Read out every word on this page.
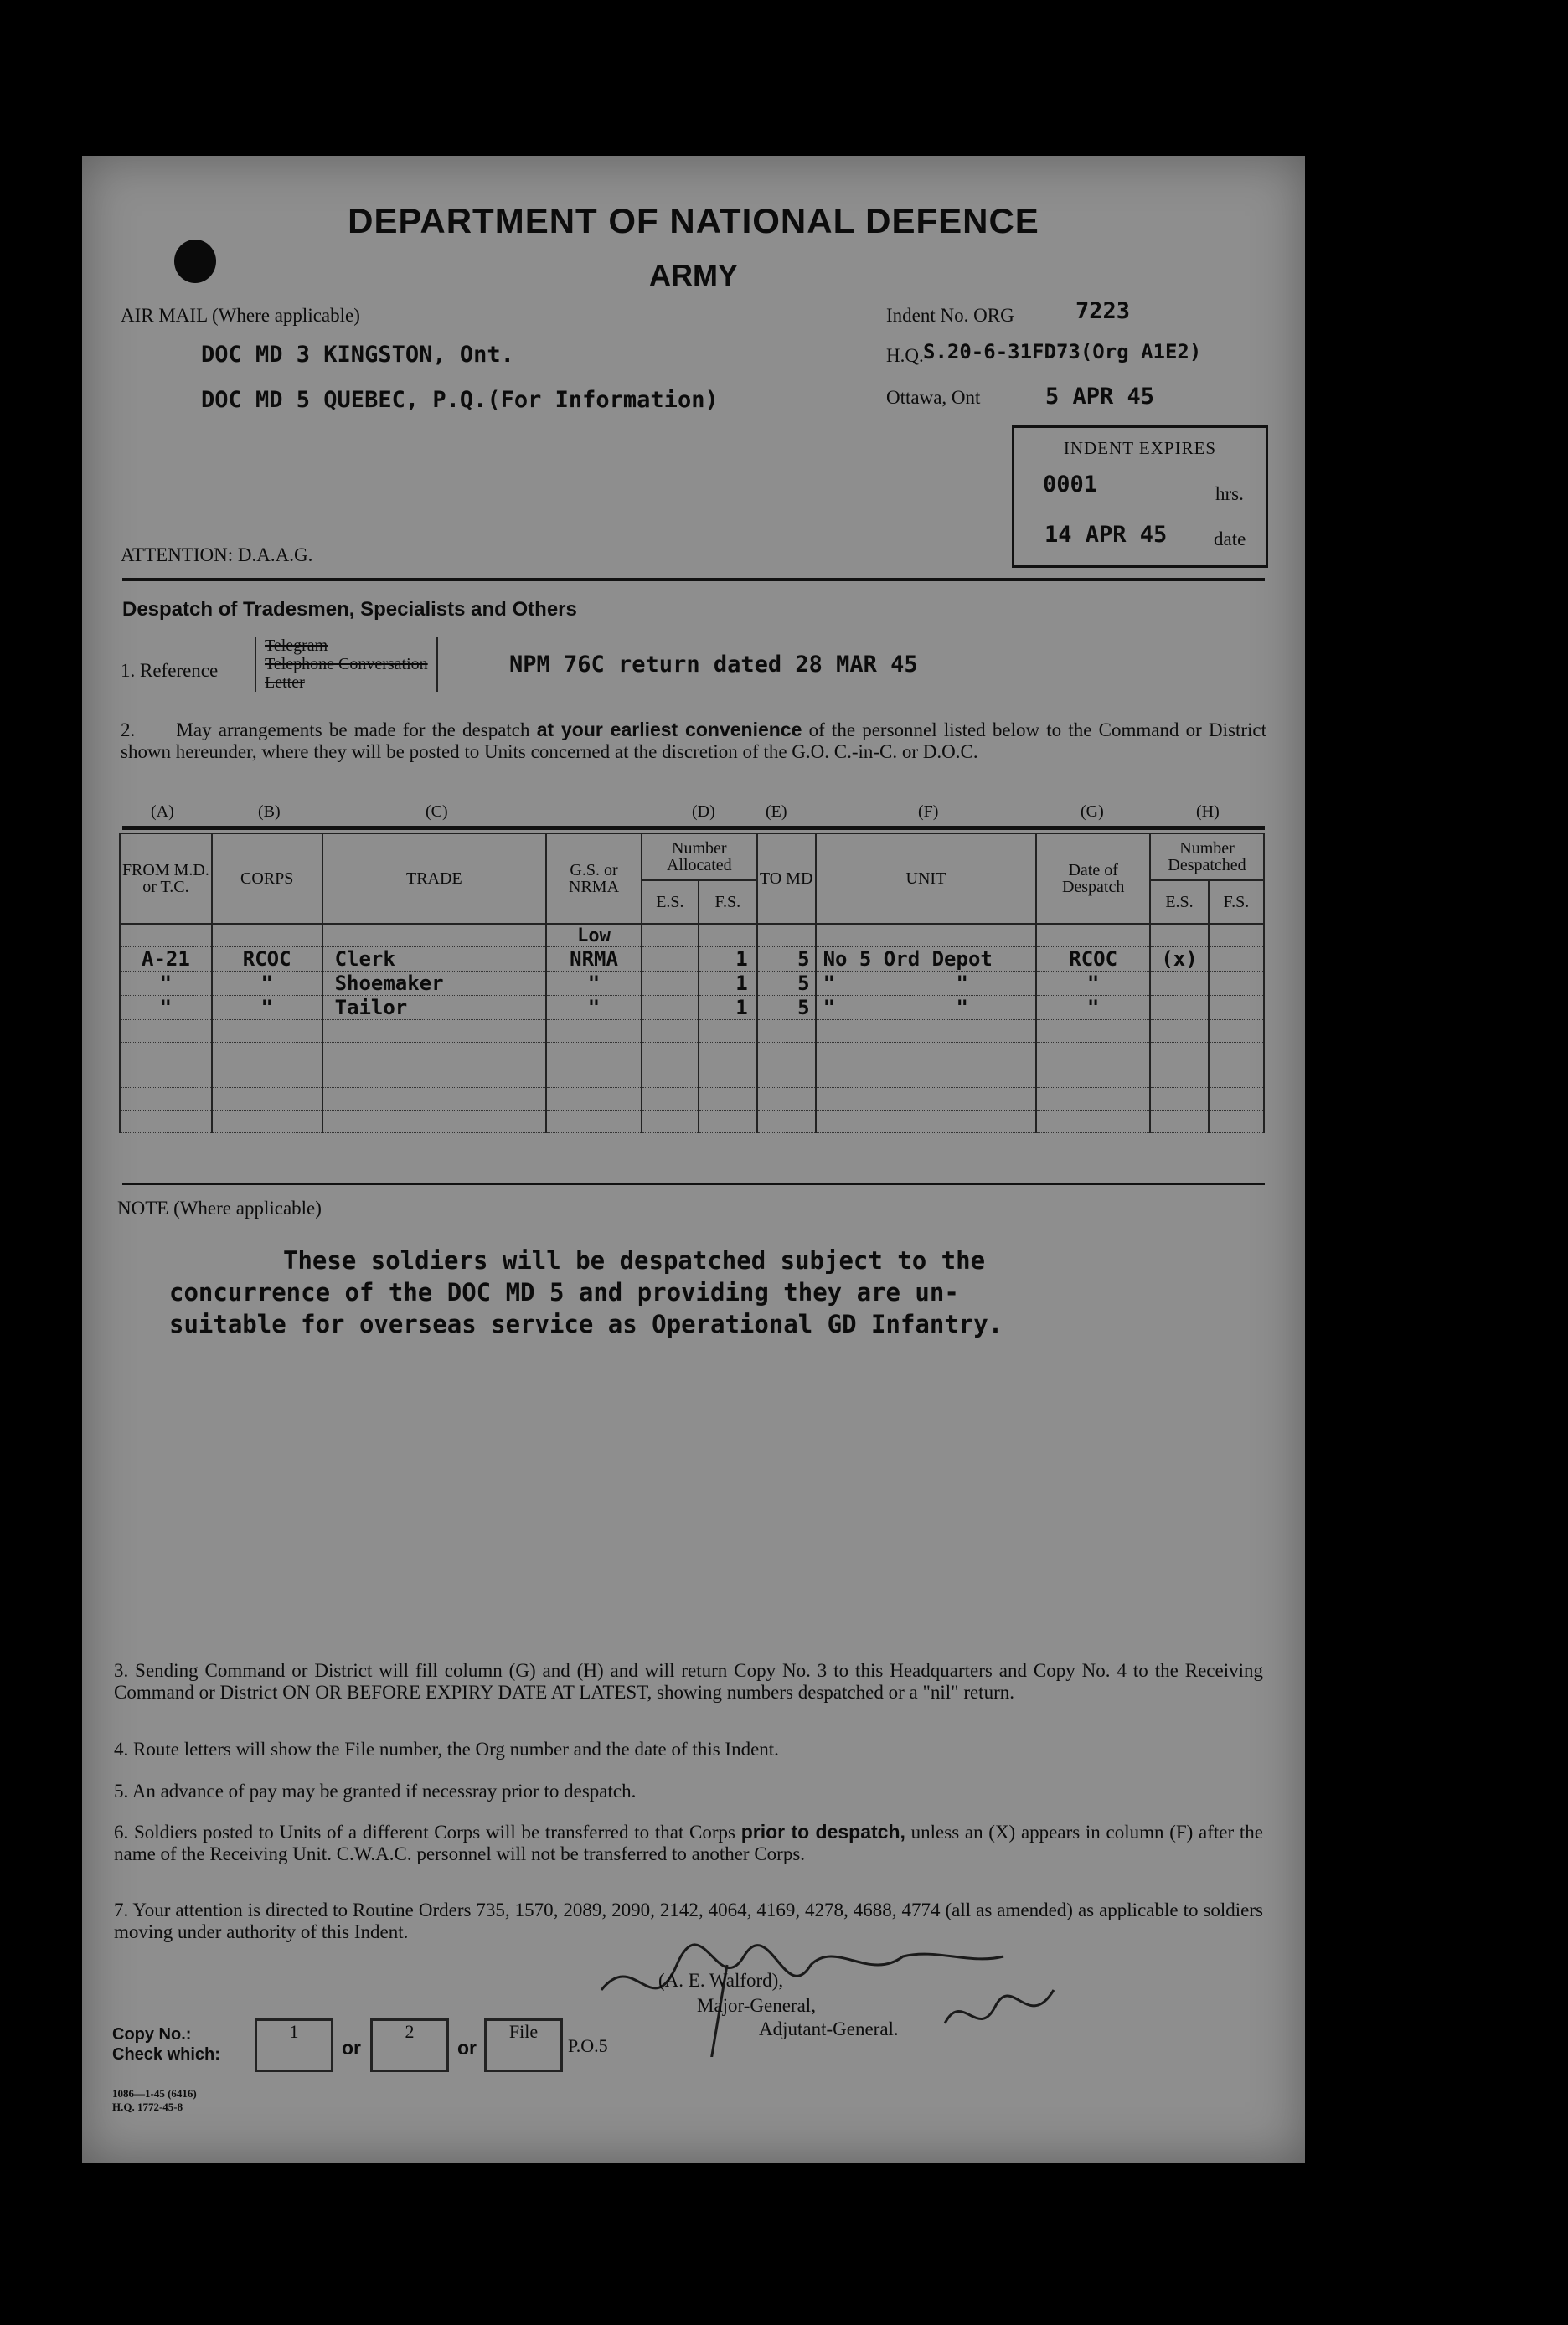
DEPARTMENT OF NATIONAL DEFENCE
ARMY
AIR MAIL (Where applicable)
DOC MD 3 KINGSTON, Ont.
DOC MD 5 QUEBEC, P.Q.(For Information)
ATTENTION: D.A.A.G.
Indent No. ORG	7223
H.Q. S.20-6-31FD73(Org A1E2)
Ottawa, Ont	5 APR 45
INDENT EXPIRES
0001	hrs.
14 APR 45 date
Despatch of Tradesmen, Specialists and Others
1. Reference
Telegram
Telephone Conversation
Letter
NPM 76C return dated 28 MAR 45
2. May arrangements be made for the despatch at your earliest convenience of the personnel listed below to the Command or District shown hereunder, where they will be posted to Units concerned at the discretion of the G.O. C.-in-C. or D.O.C.
(A)	(B)	(C)	(D)	(E)	(F)	(G)	(H)
FROM M.D. or T.C.	CORPS	TRADE	G.S. or NRMA	Number Allocated		TO MD	UNIT	Date of Despatch	Number Despatched	
				E.S.	F.S.				E.S.	F.S.
			Low							
A-21	RCOC	Clerk	NRMA		1	5	No 5 Ord Depot	RCOC	(x)	
"	"	Shoemaker	"		1	5	"          "	"		
"	"	Tailor	"		1	5	"          "	"		

NOTE (Where applicable)
These soldiers will be despatched subject to the
concurrence of the DOC MD 5 and providing they are un-
suitable for overseas service as Operational GD Infantry.
3. Sending Command or District will fill column (G) and (H) and will return Copy No. 3 to this Headquarters and Copy No. 4 to the Receiving Command or District ON OR BEFORE EXPIRY DATE AT LATEST, showing numbers despatched or a "nil" return.
4. Route letters will show the File number, the Org number and the date of this Indent.
5. An advance of pay may be granted if necessray prior to despatch.
6. Soldiers posted to Units of a different Corps will be transferred to that Corps prior to despatch, unless an (X) appears in column (F) after the name of the Receiving Unit. C.W.A.C. personnel will not be transferred to another Corps.
7. Your attention is directed to Routine Orders 735, 1570, 2089, 2090, 2142, 4064, 4169, 4278, 4688, 4774 (all as amended) as applicable to soldiers moving under authority of this Indent.
(A. E. Walford),
Major-General,
Adjutant-General.
Copy No.:
Check which:
1
or
2
or
File
P.O.5
1086—1-45 (6416)
H.Q. 1772-45-8
